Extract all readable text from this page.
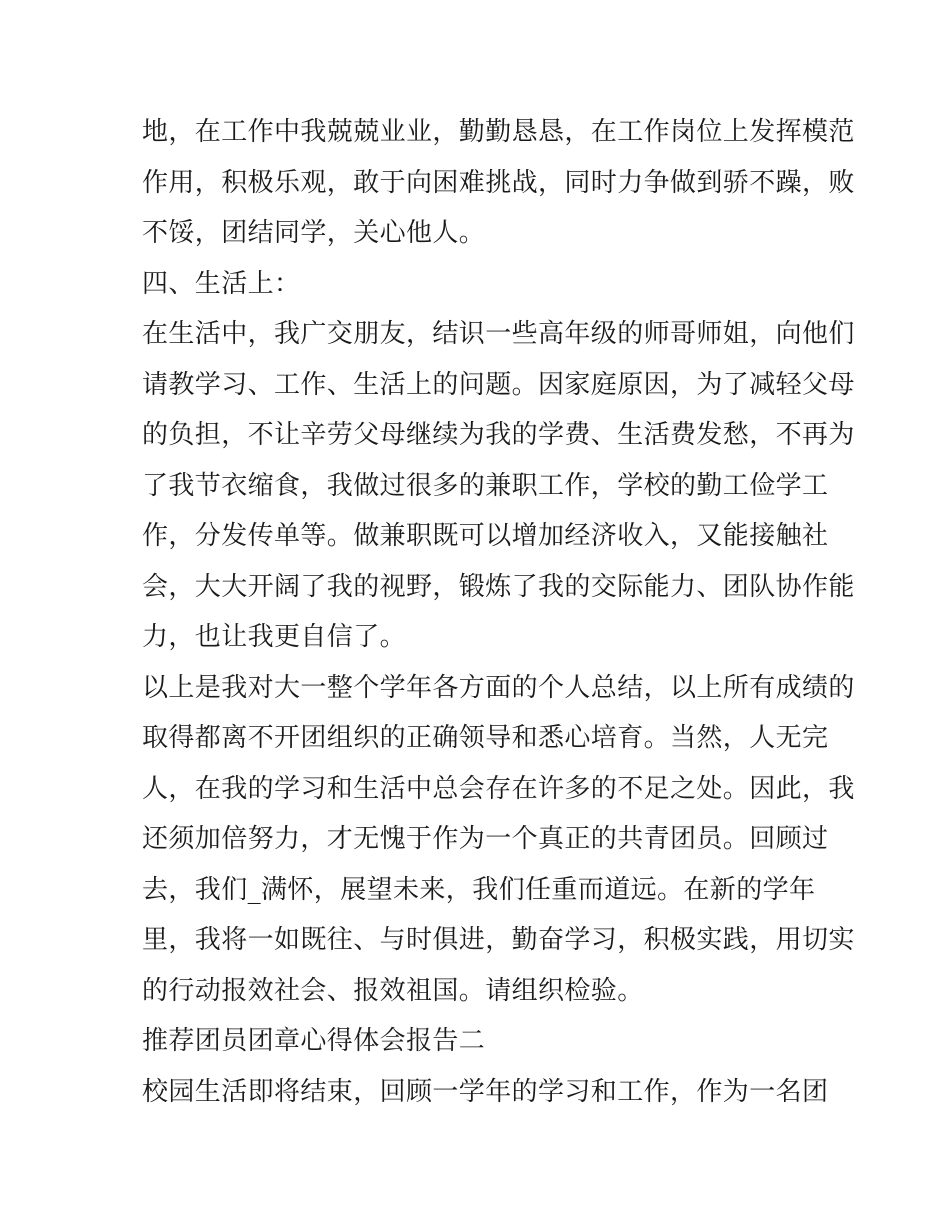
地，在工作中我兢兢业业，勤勤恳恳，在工作岗位上发挥模范
作用，积极乐观，敢于向困难挑战，同时力争做到骄不躁，败
不馁，团结同学，关心他人。
四、生活上：
在生活中，我广交朋友，结识一些高年级的师哥师姐，向他们
请教学习、工作、生活上的问题。因家庭原因，为了减轻父母
的负担，不让辛劳父母继续为我的学费、生活费发愁，不再为
了我节衣缩食，我做过很多的兼职工作，学校的勤工俭学工
作，分发传单等。做兼职既可以增加经济收入，又能接触社
会，大大开阔了我的视野，锻炼了我的交际能力、团队协作能
力，也让我更自信了。
以上是我对大一整个学年各方面的个人总结，以上所有成绩的
取得都离不开团组织的正确领导和悉心培育。当然，人无完
人，在我的学习和生活中总会存在许多的不足之处。因此，我
还须加倍努力，才无愧于作为一个真正的共青团员。回顾过
去，我们_满怀，展望未来，我们任重而道远。在新的学年
里，我将一如既往、与时俱进，勤奋学习，积极实践，用切实
的行动报效社会、报效祖国。请组织检验。
推荐团员团章心得体会报告二
校园生活即将结束，回顾一学年的学习和工作，作为一名团
